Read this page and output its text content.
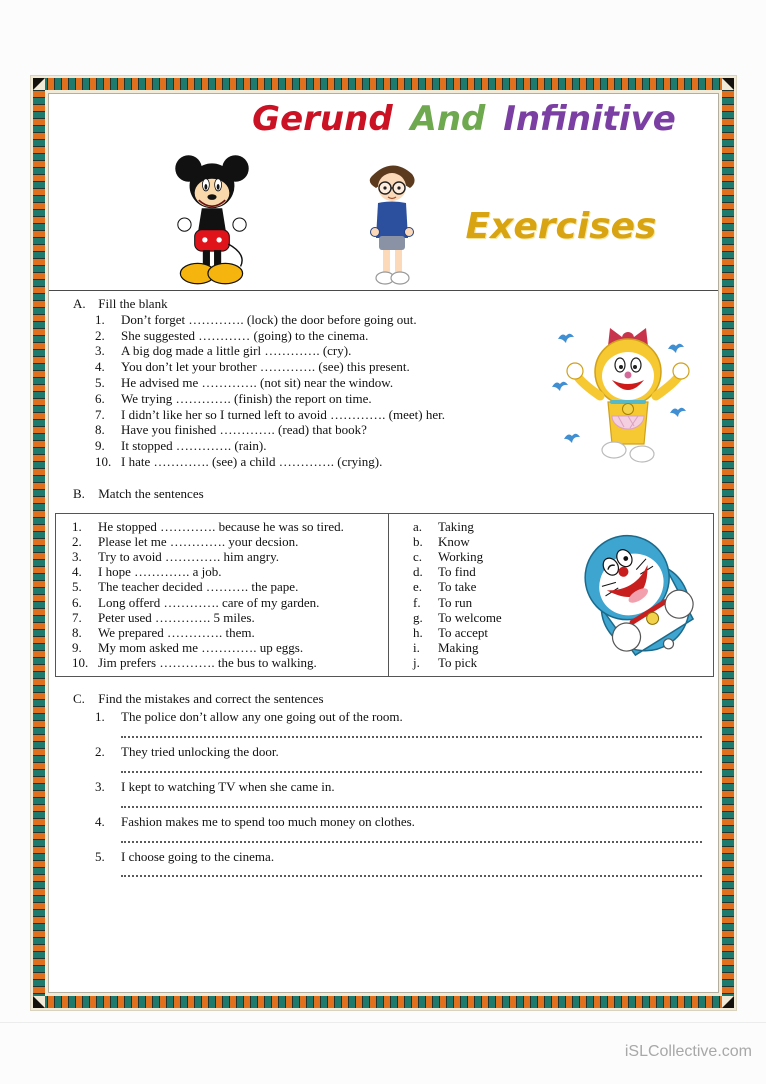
Gerund And Infinitive
Exercises
A. Fill the blank
1.	Don’t forget …………. (lock) the door before going out.
2.	She suggested ………… (going) to the cinema.
3.	A big dog made a little girl …………. (cry).
4.	You don’t let your brother …………. (see) this present.
5.	He advised me …………. (not sit) near the window.
6.	We trying …………. (finish) the report on time.
7.	I didn’t like her so I turned left to avoid …………. (meet) her.
8.	Have you finished …………. (read) that book?
9.	It stopped …………. (rain).
10. I hate …………. (see) a child …………. (crying).
B. Match the sentences
1.	He stopped …………. because he was so tired.
2.	Please let me …………. your decsion.
3.	Try to avoid …………. him angry.
4.	I hope …………. a job.
5.	The teacher decided ………. the pape.
6.	Long offerd …………. care of my garden.
7.	Peter used …………. 5 miles.
8.	We prepared …………. them.
9.	My mom asked me …………. up eggs.
10. Jim prefers …………. the bus to walking.
a.	Taking
b.	Know
c.	Working
d.	To find
e.	To take
f.	To run
g.	To welcome
h.	To accept
i.	Making
j.	To pick
C. Find the mistakes and correct the sentences
1.	The police don’t allow any one going out of the room.
2.	They tried unlocking the door.
3.	I kept to watching TV when she came in.
4.	Fashion makes me to spend too much money on clothes.
5.	I choose going to the cinema.
iSLCollective.com
